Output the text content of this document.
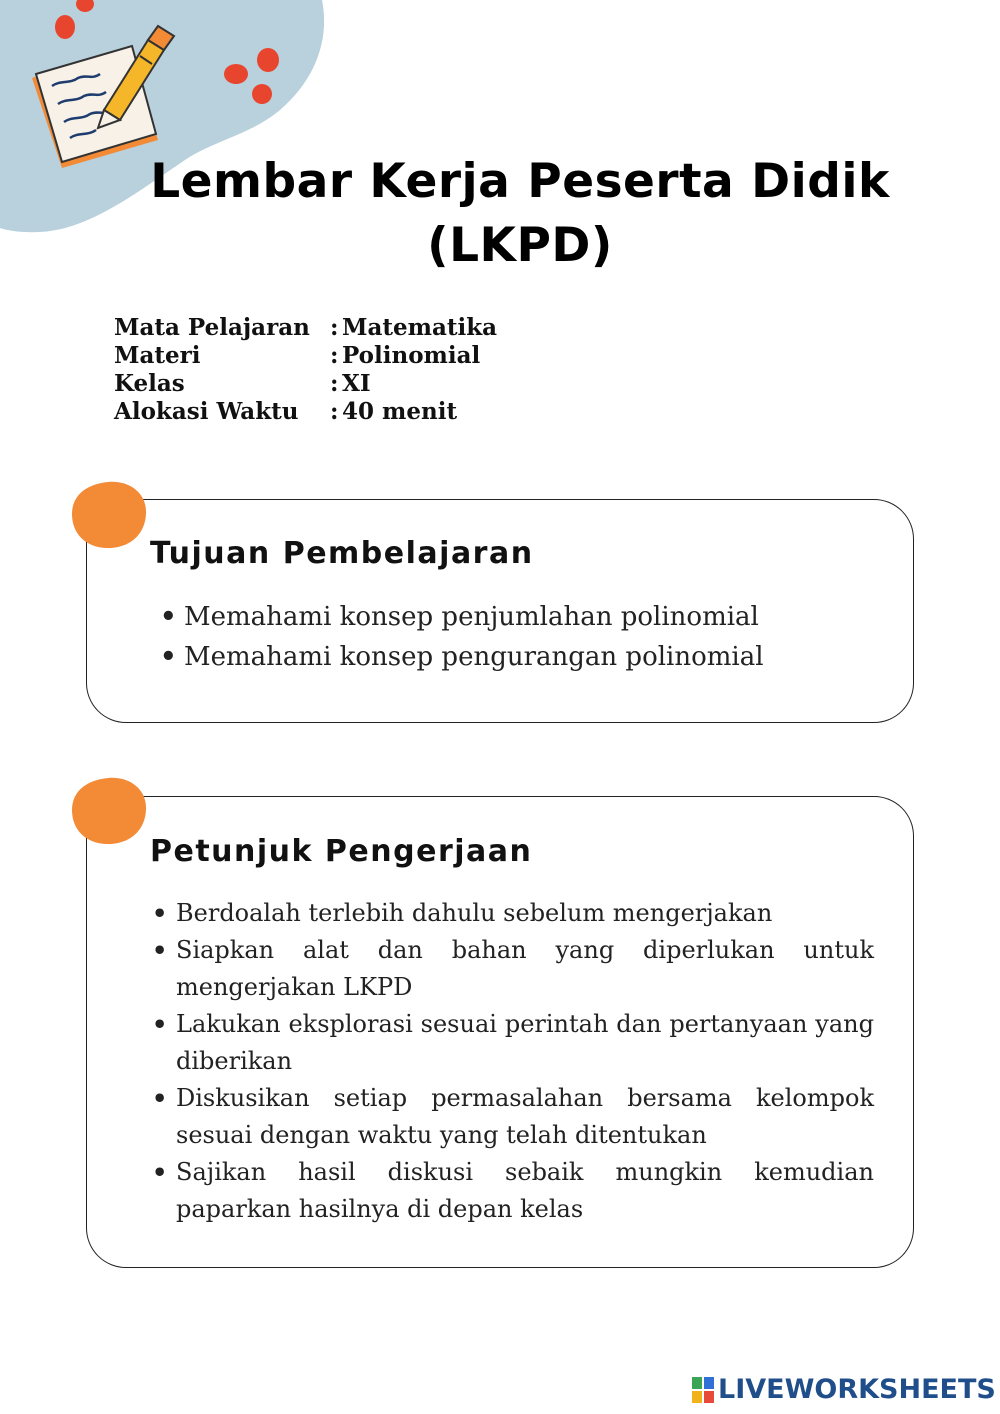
Lembar Kerja Peserta Didik
(LKPD)
Mata Pelajaran : Matematika
Materi	: Polinomial
Kelas	: XI
Alokasi Waktu	: 40 menit
Tujuan Pembelajaran
• Memahami konsep penjumlahan polinomial
• Memahami konsep pengurangan polinomial
Petunjuk Pengerjaan
• Berdoalah terlebih dahulu sebelum mengerjakan
• Siapkan alat dan bahan yang diperlukan untuk mengerjakan LKPD
• Lakukan eksplorasi sesuai perintah dan pertanyaan yang diberikan
• Diskusikan setiap permasalahan bersama kelompok sesuai dengan waktu yang telah ditentukan
• Sajikan hasil diskusi sebaik mungkin kemudian paparkan hasilnya di depan kelas
LIVEWORKSHEETS
